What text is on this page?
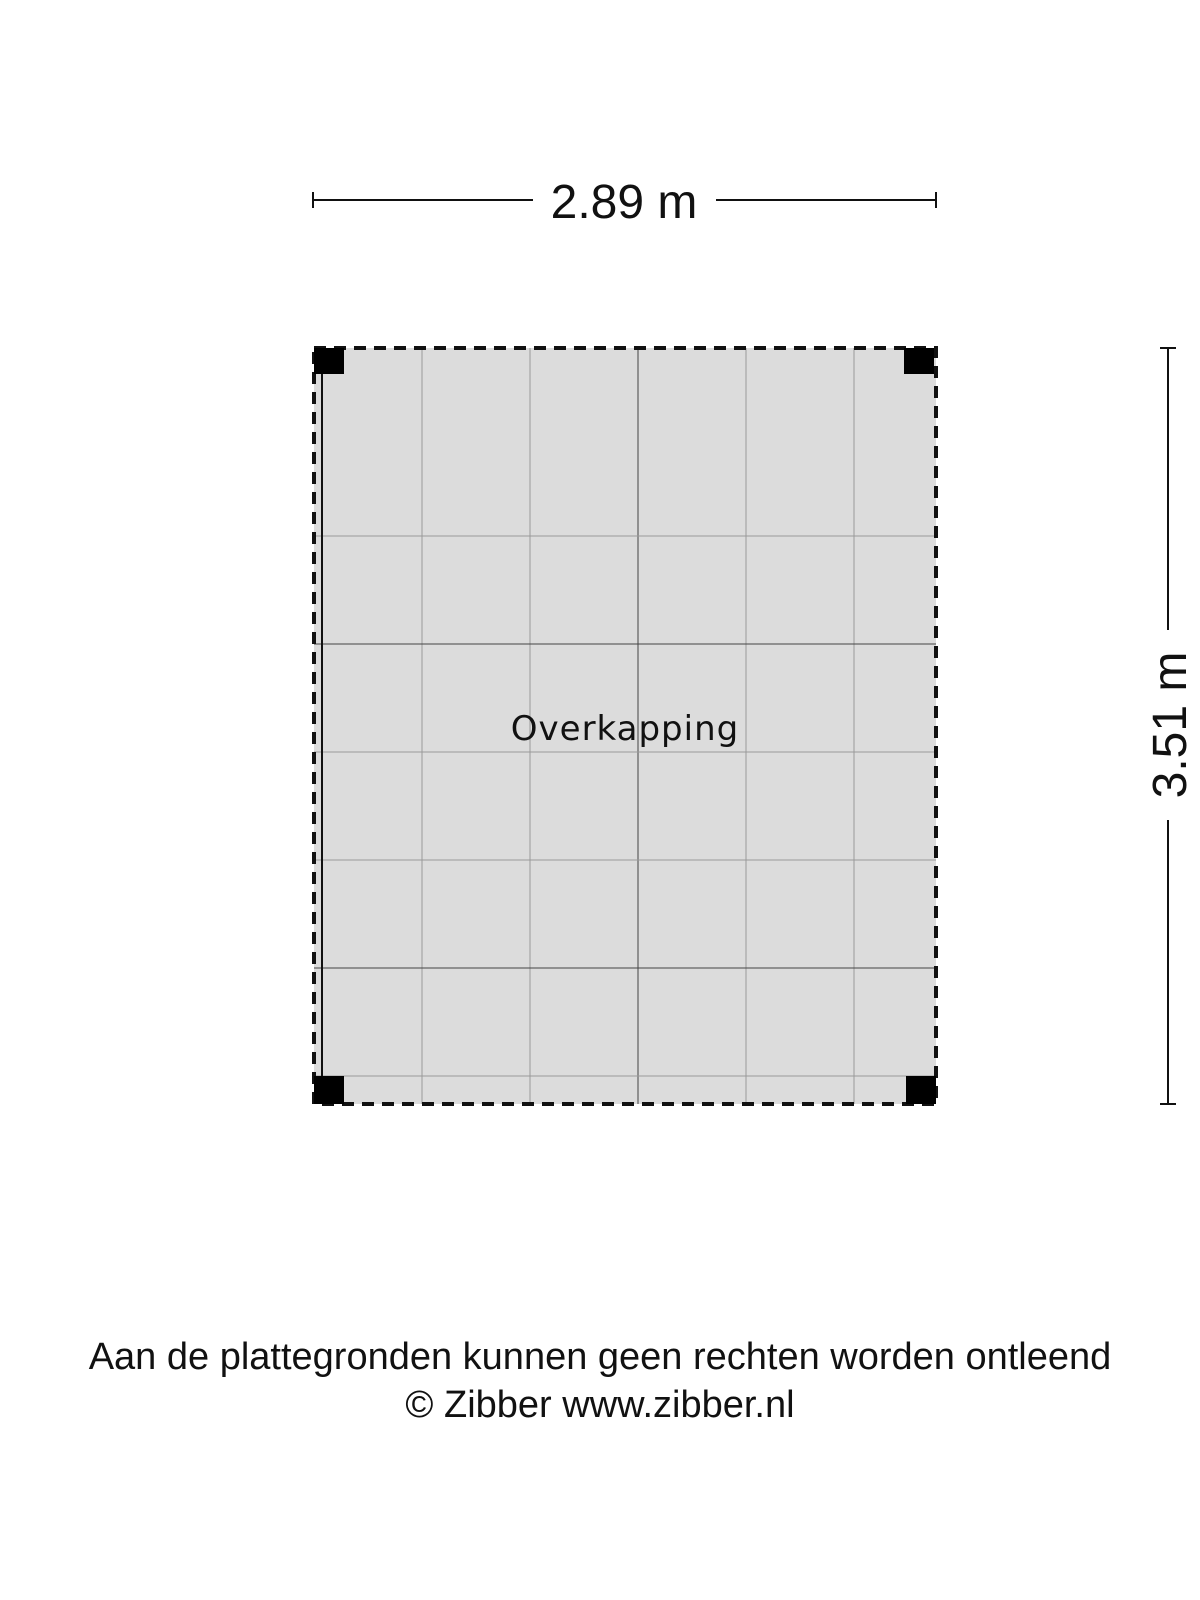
2.89 m
3.51 m
Overkapping
Aan de plattegronden kunnen geen rechten worden ontleend
© Zibber www.zibber.nl
